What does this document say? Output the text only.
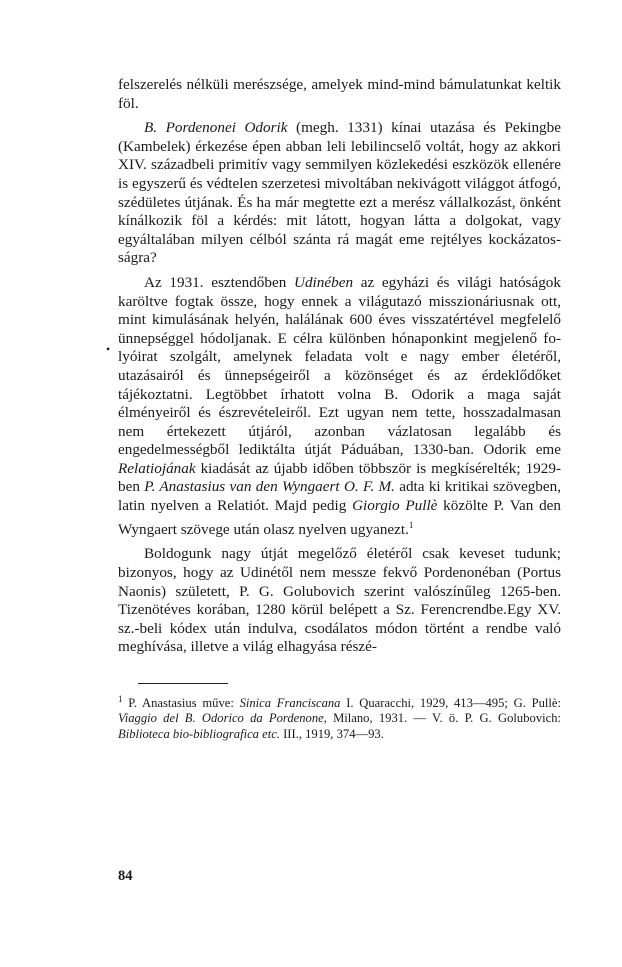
felszerelés nélküli merészsége, amelyek mind-mind bámulatunkat keltik föl.

B. Pordenonei Odorik (megh. 1331) kínai utazása és Pekingbe (Kambelek) érkezése épen abban leli lebilincselő voltát, hogy az akkori XIV. századbeli primitív vagy semmilyen közlekedési eszközök ellenére is egyszerű és védtelen szerzetesi mivoltában nekivágott világgot átfogó, szédületes útjának. És ha már megtette ezt a merész vállalkozást, önként kínálkozik föl a kérdés: mit látott, hogyan látta a dolgokat, vagy egyáltalában milyen célból szánta rá magát eme rejtélyes kockázatosságra?

Az 1931. esztendőben Udinében az egyházi és világi hatóságok karöltve fogtak össze, hogy ennek a világutazó misszionáriusnak ott, mint kimulásának helyén, halálának 600 éves visszatértével megfelelő ünnepséggel hódoljanak. E célra különben hónaponkint megjelenő folyóirat szolgált, amelynek feladata volt e nagy ember életéről, utazásairól és ünnepségeiről a közönséget és az érdeklődőket tájékoztatni. Legtöbbet írhatott volna B. Odorik a maga saját élményeiről és észrevételeiről. Ezt ugyan nem tette, hosszadalmasan nem értekezett útjáról, azonban vázlatosan legalább és engedelmességből lediktálta útját Páduában, 1330-ban. Odorik eme Relatiojának kiadását az újabb időben többször is megkísérelték; 1929-ben P. Anastasius van den Wyngaert O. F. M. adta ki kritikai szövegben, latin nyelven a Relatiót. Majd pedig Giorgio Pullè közölte P. Van den Wyngaert szövege után olasz nyelven ugyanezt.$^1$

Boldogunk nagy útját megelőző életéről csak keveset tudunk; bizonyos, hogy az Udinétől nem messze fekvő Pordenonéban (Portus Naonis) született, P. G. Golubovich szerint valószínűleg 1265-ben. Tizenötéves korában, 1280 körül belépett a Sz. Ferencrendbe.Egy XV. sz.-beli kódex után indulva, csodálatos módon történt a rendbe való meghívása, illetve a világ elhagyása részé-

$^1$ P. Anastasius műve: Sinica Franciscana I. Quaracchi, 1929, 413—495; G. Pullè: Viaggio del B. Odorico da Pordenone, Milano, 1931. — V. ö. P. G. Golubovich: Biblioteca bio-bibliografica etc. III., 1919, 374—93.

•
84
